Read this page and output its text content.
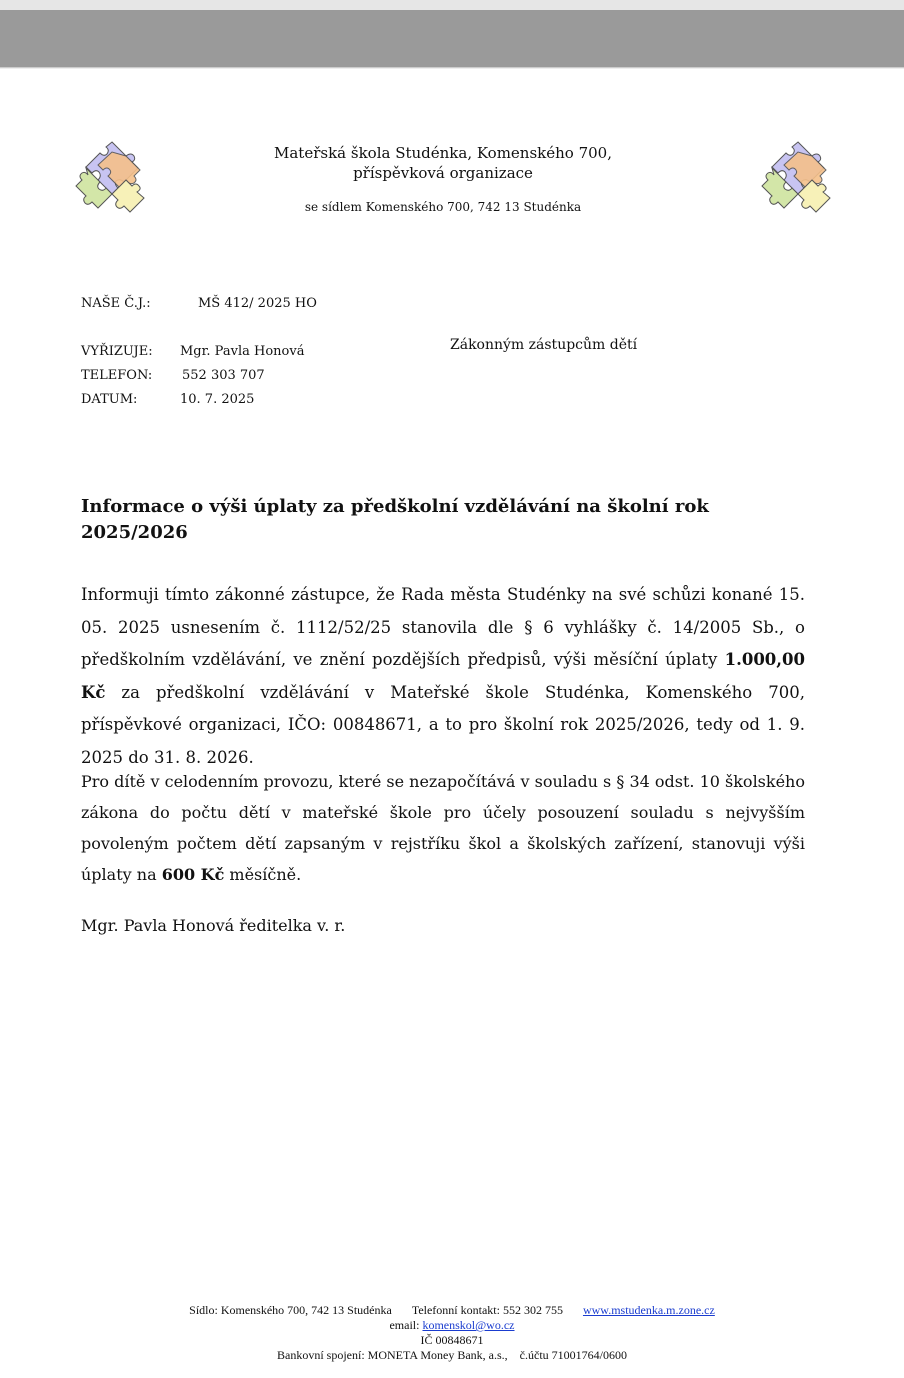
Mateřská škola Studénka, Komenského 700,
příspěvková organizace
se sídlem Komenského 700, 742 13 Studénka
NAŠE Č.J.:	MŠ 412/ 2025 HO
VYŘIZUJE: Mgr. Pavla Honová
TELEFON: 552 303 707
DATUM:	10. 7. 2025
Zákonným zástupcům dětí
Informace o výši úplaty za předškolní vzdělávání na školní rok 2025/2026

Informuji tímto zákonné zástupce, že Rada města Studénky na své schůzi konané 15. 05. 2025 usnesením č. 1112/52/25 stanovila dle § 6 vyhlášky č. 14/2005 Sb., o předškolním vzdělávání, ve znění pozdějších předpisů, výši měsíční úplaty 1.000,00 Kč za předškolní vzdělávání v Mateřské škole Studénka, Komenského 700, příspěvkové organizaci, IČO: 00848671, a to pro školní rok 2025/2026, tedy od 1. 9. 2025 do 31. 8. 2026.

Pro dítě v celodenním provozu, které se nezapočítává v souladu s § 34 odst. 10 školského zákona do počtu dětí v mateřské škole pro účely posouzení souladu s nejvyšším povoleným počtem dětí zapsaným v rejstříku škol a školských zařízení, stanovuji výši úplaty na 600 Kč měsíčně.

Mgr. Pavla Honová ředitelka v. r.
Sídlo: Komenského 700, 742 13 Studénka Telefonní kontakt: 552 302 755 www.mstudenka.m.zone.cz
email: komenskol@wo.cz
IČ 00848671
Bankovní spojení: MONETA Money Bank, a.s.,    č.účtu 71001764/0600
